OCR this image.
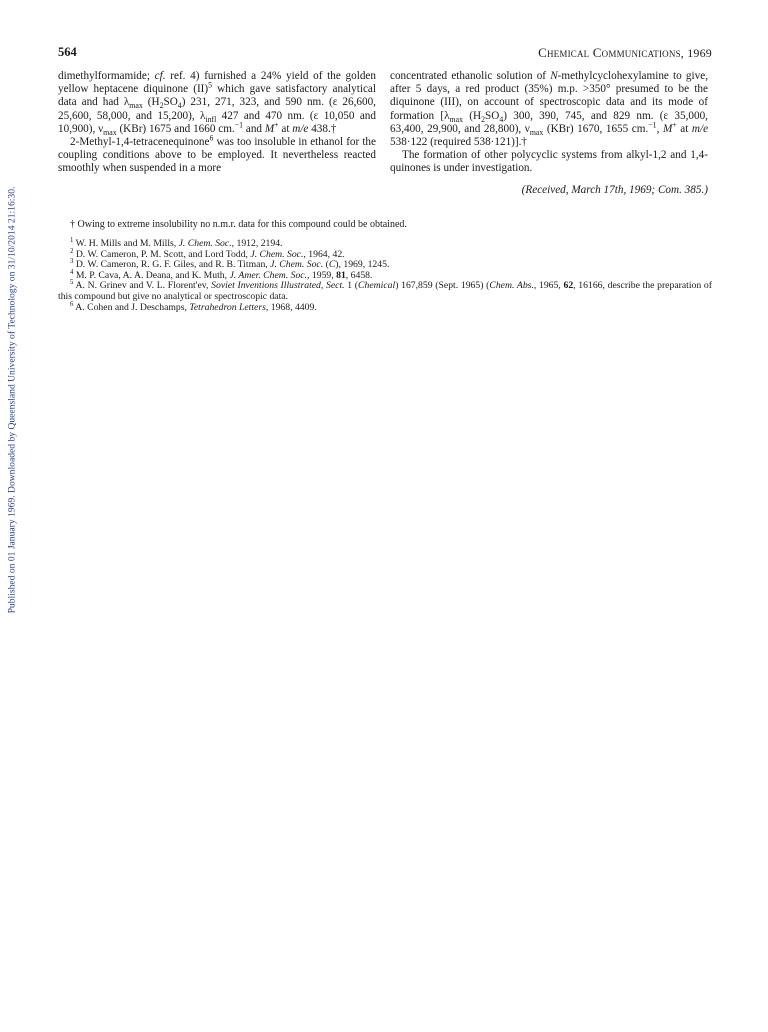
Published on 01 January 1969. Downloaded by Queensland University of Technology on 31/10/2014 21:16:30.
564	Chemical Communications, 1969

dimethylformamide; cf. ref. 4) furnished a 24% yield of the golden yellow heptacene diquinone (II)$^5$ which gave satisfactory analytical data and had $\lambda_{max}$ $(H_2SO_4)$ 231, 271, 323, and 590 nm. (ε 26,600, 25,600, 58,000, and 15,200), $\lambda_{infl}$ 427 and 470 nm. (ε 10,050 and 10,900), $\nu_{max}$ (KBr) 1675 and 1660 cm.$^{-1}$ and M+ at m/e 438.†

2-Methyl-1,4-tetracenequinone$^6$ was too insoluble in ethanol for the coupling conditions above to be employed. It nevertheless reacted smoothly when suspended in a more

concentrated ethanolic solution of N-methylcyclohexylamine to give, after 5 days, a red product (35%) m.p. >350° presumed to be the diquinone (III), on account of spectroscopic data and its mode of formation [$\lambda_{max}$ $(H_2SO_4)$ 300, 390, 745, and 829 nm. (ε 35,000, 63,400, 29,900, and 28,800), $\nu_{max}$ (KBr) 1670, 1655 cm.$^{-1}$, M+ at m/e 538·122 (required 538·121)].†

The formation of other polycyclic systems from alkyl-1,2 and 1,4-quinones is under investigation.

(Received, March 17th, 1969; Com. 385.)

† Owing to extreme insolubility no n.m.r. data for this compound could be obtained.

$^1$ W. H. Mills and M. Mills, J. Chem. Soc., 1912, 2194.

$^2$ D. W. Cameron, P. M. Scott, and Lord Todd, J. Chem. Soc., 1964, 42.

$^3$ D. W. Cameron, R. G. F. Giles, and R. B. Titman, J. Chem. Soc. (C), 1969, 1245.

$^4$ M. P. Cava, A. A. Deana, and K. Muth, J. Amer. Chem. Soc., 1959, 81, 6458.

$^5$ A. N. Grinev and V. L. Florent'ev, Soviet Inventions Illustrated, Sect. 1 (Chemical) 167,859 (Sept. 1965) (Chem. Abs., 1965, 62, 16166, describe the preparation of this compound but give no analytical or spectroscopic data.

$^6$ A. Cohen and J. Deschamps, Tetrahedron Letters, 1968, 4409.
